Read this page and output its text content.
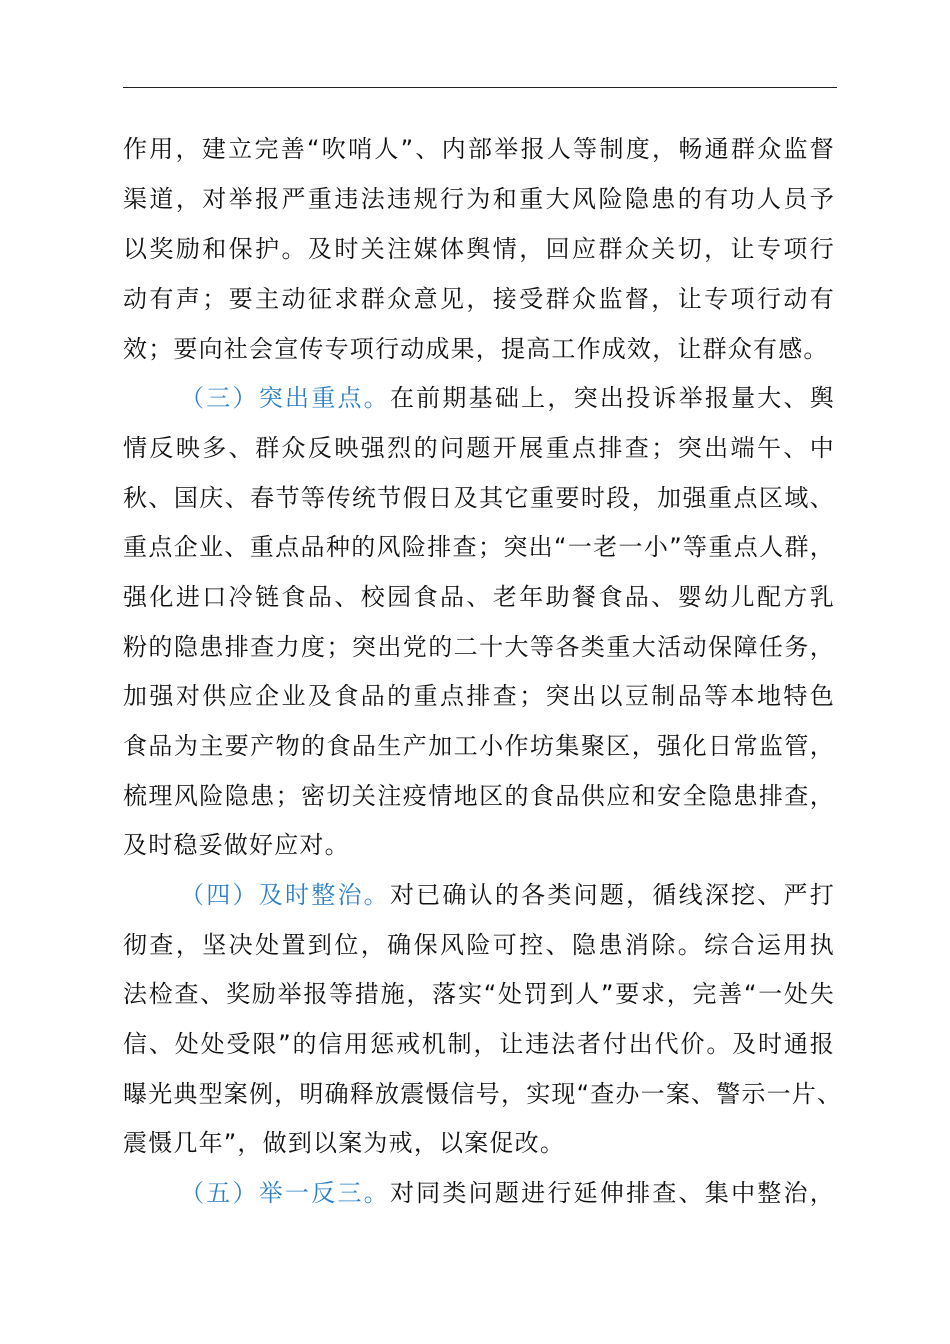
作用，建立完善“吹哨人”、内部举报人等制度，畅通群众监督
渠道，对举报严重违法违规行为和重大风险隐患的有功人员予
以奖励和保护。及时关注媒体舆情，回应群众关切，让专项行
动有声；要主动征求群众意见，接受群众监督，让专项行动有
效；要向社会宣传专项行动成果，提高工作成效，让群众有感。
（三）突出重点。在前期基础上，突出投诉举报量大、舆
情反映多、群众反映强烈的问题开展重点排查；突出端午、中
秋、国庆、春节等传统节假日及其它重要时段，加强重点区域、
重点企业、重点品种的风险排查；突出“一老一小”等重点人群，
强化进口冷链食品、校园食品、老年助餐食品、婴幼儿配方乳
粉的隐患排查力度；突出党的二十大等各类重大活动保障任务，
加强对供应企业及食品的重点排查；突出以豆制品等本地特色
食品为主要产物的食品生产加工小作坊集聚区，强化日常监管，
梳理风险隐患；密切关注疫情地区的食品供应和安全隐患排查，
及时稳妥做好应对。
（四）及时整治。对已确认的各类问题，循线深挖、严打
彻查，坚决处置到位，确保风险可控、隐患消除。综合运用执
法检查、奖励举报等措施，落实“处罚到人”要求，完善“一处失
信、处处受限”的信用惩戒机制，让违法者付出代价。及时通报
曝光典型案例，明确释放震慑信号，实现“查办一案、警示一片、
震慑几年”，做到以案为戒，以案促改。
（五）举一反三。对同类问题进行延伸排查、集中整治，
